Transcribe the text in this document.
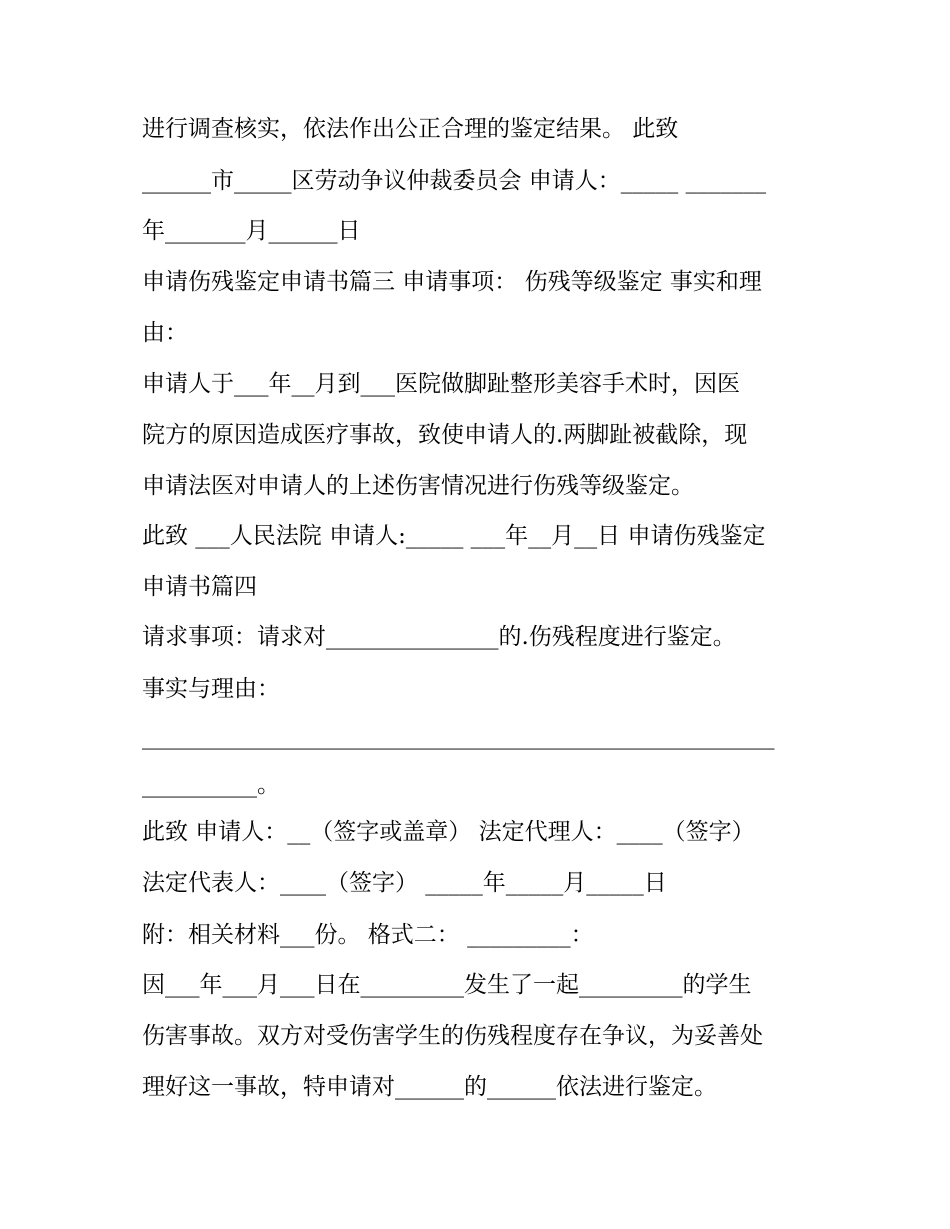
进行调查核实，依法作出公正合理的鉴定结果。 此致
______市_____区劳动争议仲裁委员会 申请人：_____ _______
年_______月______日
申请伤残鉴定申请书篇三 申请事项： 伤残等级鉴定 事实和理
由：
申请人于___年__月到___医院做脚趾整形美容手术时，因医
院方的原因造成医疗事故，致使申请人的.两脚趾被截除，现
申请法医对申请人的上述伤害情况进行伤残等级鉴定。
此致 ___人民法院 申请人:_____ ___年__月__日 申请伤残鉴定
申请书篇四
请求事项：请求对_______________的.伤残程度进行鉴定。
事实与理由：
_______________________________________________________
__________。
此致 申请人：__（签字或盖章） 法定代理人：____（签字）
法定代表人：____（签字） _____年_____月_____日
附：相关材料___份。 格式二： _________：
因___年___月___日在_________发生了一起_________的学生
伤害事故。双方对受伤害学生的伤残程度存在争议，为妥善处
理好这一事故，特申请对______的______依法进行鉴定。
